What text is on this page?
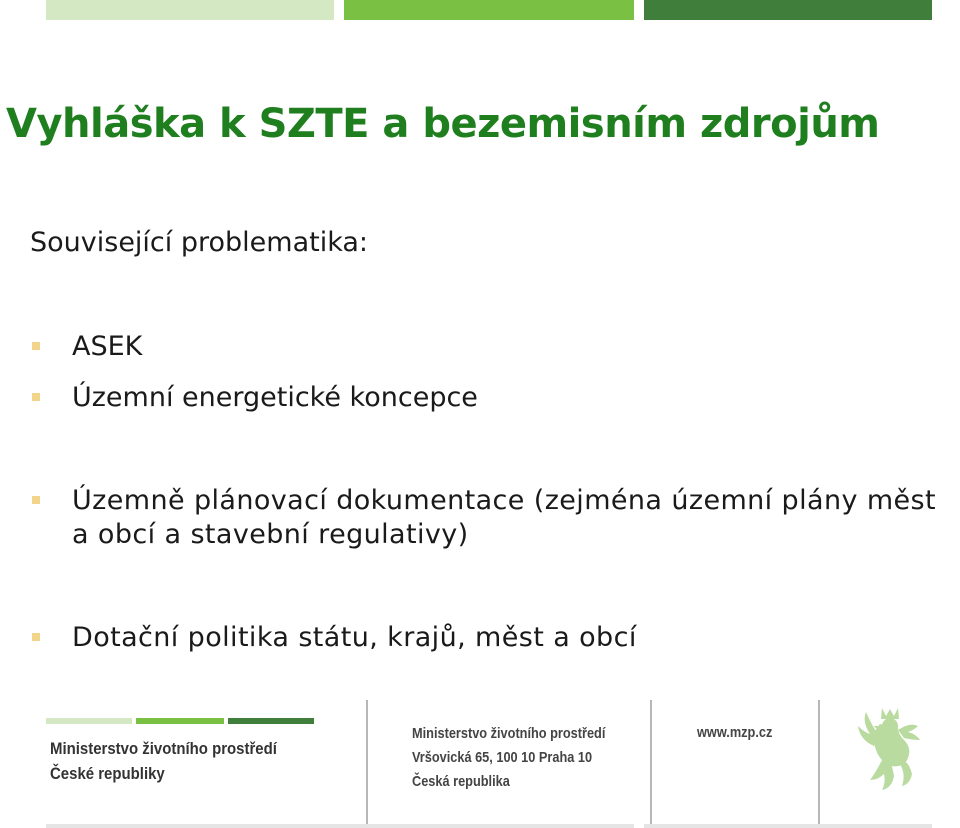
Vyhláška k SZTE a bezemisním zdrojům

Související problematika:

ASEK
Územní energetické koncepce
Územně plánovací dokumentace (zejména územní plány měst a obcí a stavební regulativy)
Dotační politika státu, krajů, měst a obcí
Ministerstvo životního prostředí
České republiky
Ministerstvo životního prostředí
Vršovická 65, 100 10 Praha 10
Česká republika
www.mzp.cz
